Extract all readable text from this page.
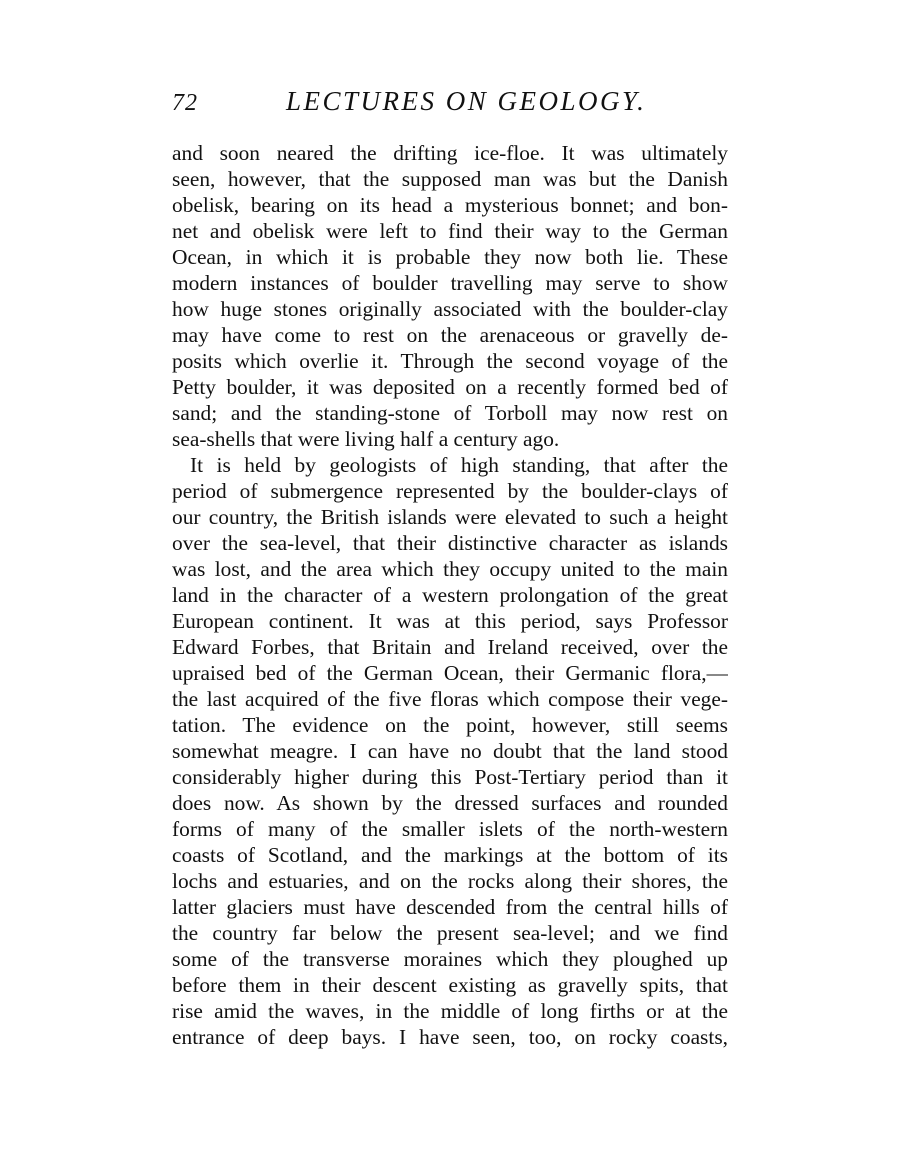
72	LECTURES ON GEOLOGY.
and soon neared the drifting ice-floe. It was ultimately
seen, however, that the supposed man was but the Danish
obelisk, bearing on its head a mysterious bonnet; and bon-
net and obelisk were left to find their way to the German
Ocean, in which it is probable they now both lie. These
modern instances of boulder travelling may serve to show
how huge stones originally associated with the boulder-clay
may have come to rest on the arenaceous or gravelly de-
posits which overlie it. Through the second voyage of the
Petty boulder, it was deposited on a recently formed bed of
sand; and the standing-stone of Torboll may now rest on
sea-shells that were living half a century ago.
It is held by geologists of high standing, that after the
period of submergence represented by the boulder-clays of
our country, the British islands were elevated to such a height
over the sea-level, that their distinctive character as islands
was lost, and the area which they occupy united to the main
land in the character of a western prolongation of the great
European continent. It was at this period, says Professor
Edward Forbes, that Britain and Ireland received, over the
upraised bed of the German Ocean, their Germanic flora,—
the last acquired of the five floras which compose their vege-
tation. The evidence on the point, however, still seems
somewhat meagre. I can have no doubt that the land stood
considerably higher during this Post-Tertiary period than it
does now. As shown by the dressed surfaces and rounded
forms of many of the smaller islets of the north-western
coasts of Scotland, and the markings at the bottom of its
lochs and estuaries, and on the rocks along their shores, the
latter glaciers must have descended from the central hills of
the country far below the present sea-level; and we find
some of the transverse moraines which they ploughed up
before them in their descent existing as gravelly spits, that
rise amid the waves, in the middle of long firths or at the
entrance of deep bays. I have seen, too, on rocky coasts,
